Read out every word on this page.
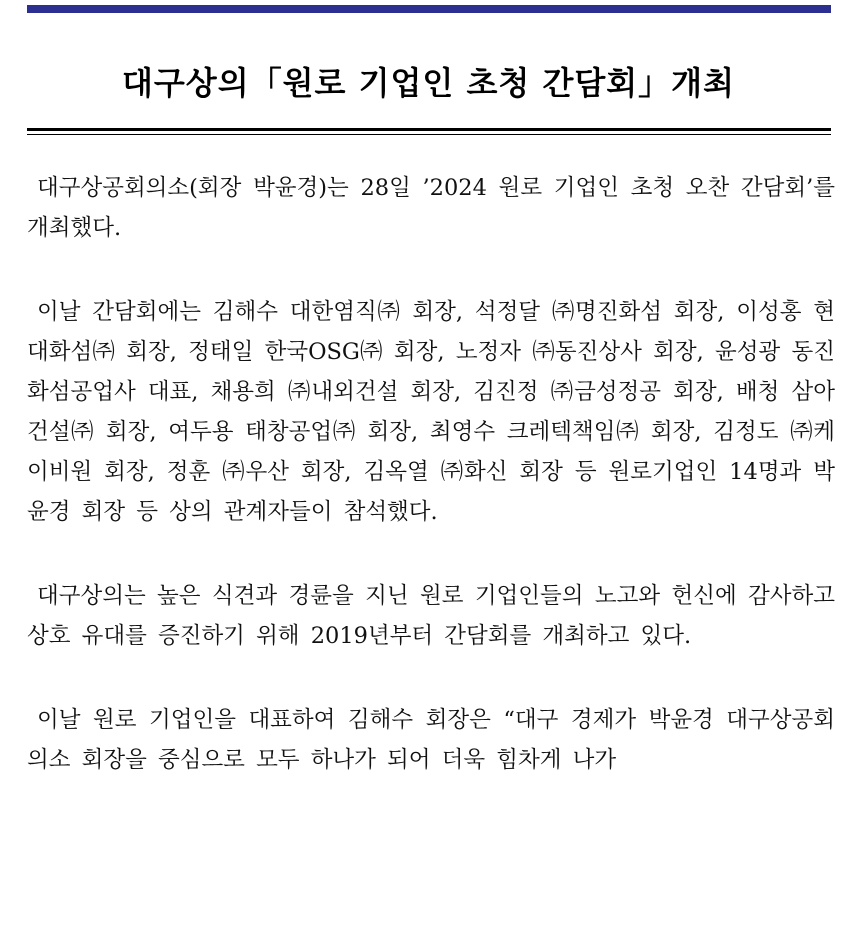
대구상의「원로 기업인 초청 간담회」개최

대구상공회의소(회장 박윤경)는 28일 ’2024 원로 기업인 초청 오찬 간담회’를 개최했다.

이날 간담회에는 김해수 대한염직㈜ 회장, 석정달 ㈜명진화섬 회장, 이성홍 현대화섬㈜ 회장, 정태일 한국OSG㈜ 회장, 노정자 ㈜동진상사 회장, 윤성광 동진화섬공업사 대표, 채용희 ㈜내외건설 회장, 김진정 ㈜금성정공 회장, 배청 삼아건설㈜ 회장, 여두용 태창공업㈜ 회장, 최영수 크레텍책임㈜ 회장, 김정도 ㈜케이비원 회장, 정훈 ㈜우산 회장, 김옥열 ㈜화신 회장 등 원로기업인 14명과 박윤경 회장 등 상의 관계자들이 참석했다.

대구상의는 높은 식견과 경륜을 지닌 원로 기업인들의 노고와 헌신에 감사하고 상호 유대를 증진하기 위해 2019년부터 간담회를 개최하고 있다.

이날 원로 기업인을 대표하여 김해수 회장은 “대구 경제가 박윤경 대구상공회의소 회장을 중심으로 모두 하나가 되어 더욱 힘차게 나가
